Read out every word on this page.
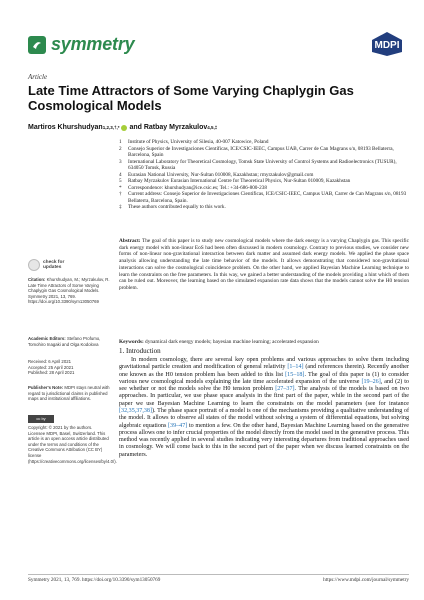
symmetry	MDPI
Article
Late Time Attractors of Some Varying Chaplygin Gas Cosmological Models
Martiros Khurshudyan 1,2,3,†,* and
Ratbay Myrzakulov 4,5,‡
1	Institute of Physics, University of Silesia, 40-007 Katowice, Poland
2	Consejo Superior de Investigaciones Científicas, ICE/CSIC-IEEC, Campus UAB, Carrer de Can Magrans s/n, 08193 Bellaterra, Barcelona, Spain
3	International Laboratory for Theoretical Cosmology, Tomsk State University of Control Systems and Radioelectronics (TUSUR), 634050 Tomsk, Russia
4	Eurasian National University, Nur-Sultan 010008, Kazakhstan; rmyrzakulov@gmail.com
5	Ratbay Myrzakulov Eurasian International Centre for Theoretical Physics, Nur-Sultan 010009, Kazakhstan
*	Correspondence: khurshudyan@ice.csic.es; Tel.: +34-686-800-238
†	Current address: Consejo Superior de Investigaciones Científicas, ICE/CSIC-IEEC, Campus UAB, Carrer de Can Magrans s/n, 08193 Bellaterra, Barcelona, Spain.
‡	These authors contributed equally to this work.
check for
updates
Citation: Khurshudyan, M.; Myrzakulov, R. Late Time Attractors of Some Varying Chaplygin Gas Cosmological Models. Symmetry 2021, 13, 769. https://doi.org/10.3390/sym13050769
Academic Editors: Stefano Profumo, Tomohiro Inagaki and Olga Kodolova
Received: 6 April 2021
Accepted: 25 April 2021
Published: 28 April 2021
Publisher's Note: MDPI stays neutral with regard to jurisdictional claims in published maps and institutional affiliations.
cc by
Copyright: © 2021 by the authors. Licensee MDPI, Basel, Switzerland. This article is an open access article distributed under the terms and conditions of the Creative Commons Attribution (CC BY) license (https://creativecommons.org/licenses/by/4.0/).
Abstract: The goal of this paper is to study new cosmological models where the dark energy is a varying Chaplygin gas. This specific dark energy model with non-linear EoS had been often discussed in modern cosmology. Contrary to previous studies, we consider new forms of non-linear non-gravitational interaction between dark matter and assumed dark energy models. We applied the phase space analysis allowing understanding the late time behavior of the models. It allows demonstrating that considered non-gravitational interactions can solve the cosmological coincidence problem. On the other hand, we applied Bayesian Machine Learning technique to learn the constraints on the free parameters. In this way, we gained a better understanding of the models providing a hint which of them can be ruled out. Moreover, the learning based on the simulated expansion rate data shows that the models cannot solve the H0 tension problem.
Keywords: dynamical dark energy models; bayesian machine learning; accelerated expansion
1. Introduction

In modern cosmology, there are several key open problems and various approaches to solve them including gravitational particle creation and modification of general relativity [1–14] (and references therein). Recently another one known as the H0 tension problem has been added to this list [15–18]. The goal of this paper is (1) to consider various new cosmological models explaining the late time accelerated expansion of the universe [19–26], and (2) to see whether or not the models solve the H0 tension problem [27–37]. The analysis of the models is based on two approaches. In particular, we use phase space analysis in the first part of the paper, while in the second part of the paper we use Bayesian Machine Learning to learn the constraints on the model parameters (see for instance [32,35,37,38]). The phase space portrait of a model is one of the mechanisms providing a qualitative understanding of the model. It allows to observe all states of the model without solving a system of differential equations, but solving algebraic equations [39–47] to mention a few. On the other hand, Bayesian Machine Learning based on the generative process allows one to infer crucial properties of the model directly from the model used in the generative process. This method was recently applied in several studies indicating very interesting departures from traditional approaches used in cosmology. We will come back to this in the second part of the paper when we discuss learned constraints on the parameters.

Symmetry 2021, 13, 769. https://doi.org/10.3390/sym13050769	https://www.mdpi.com/journal/symmetry
